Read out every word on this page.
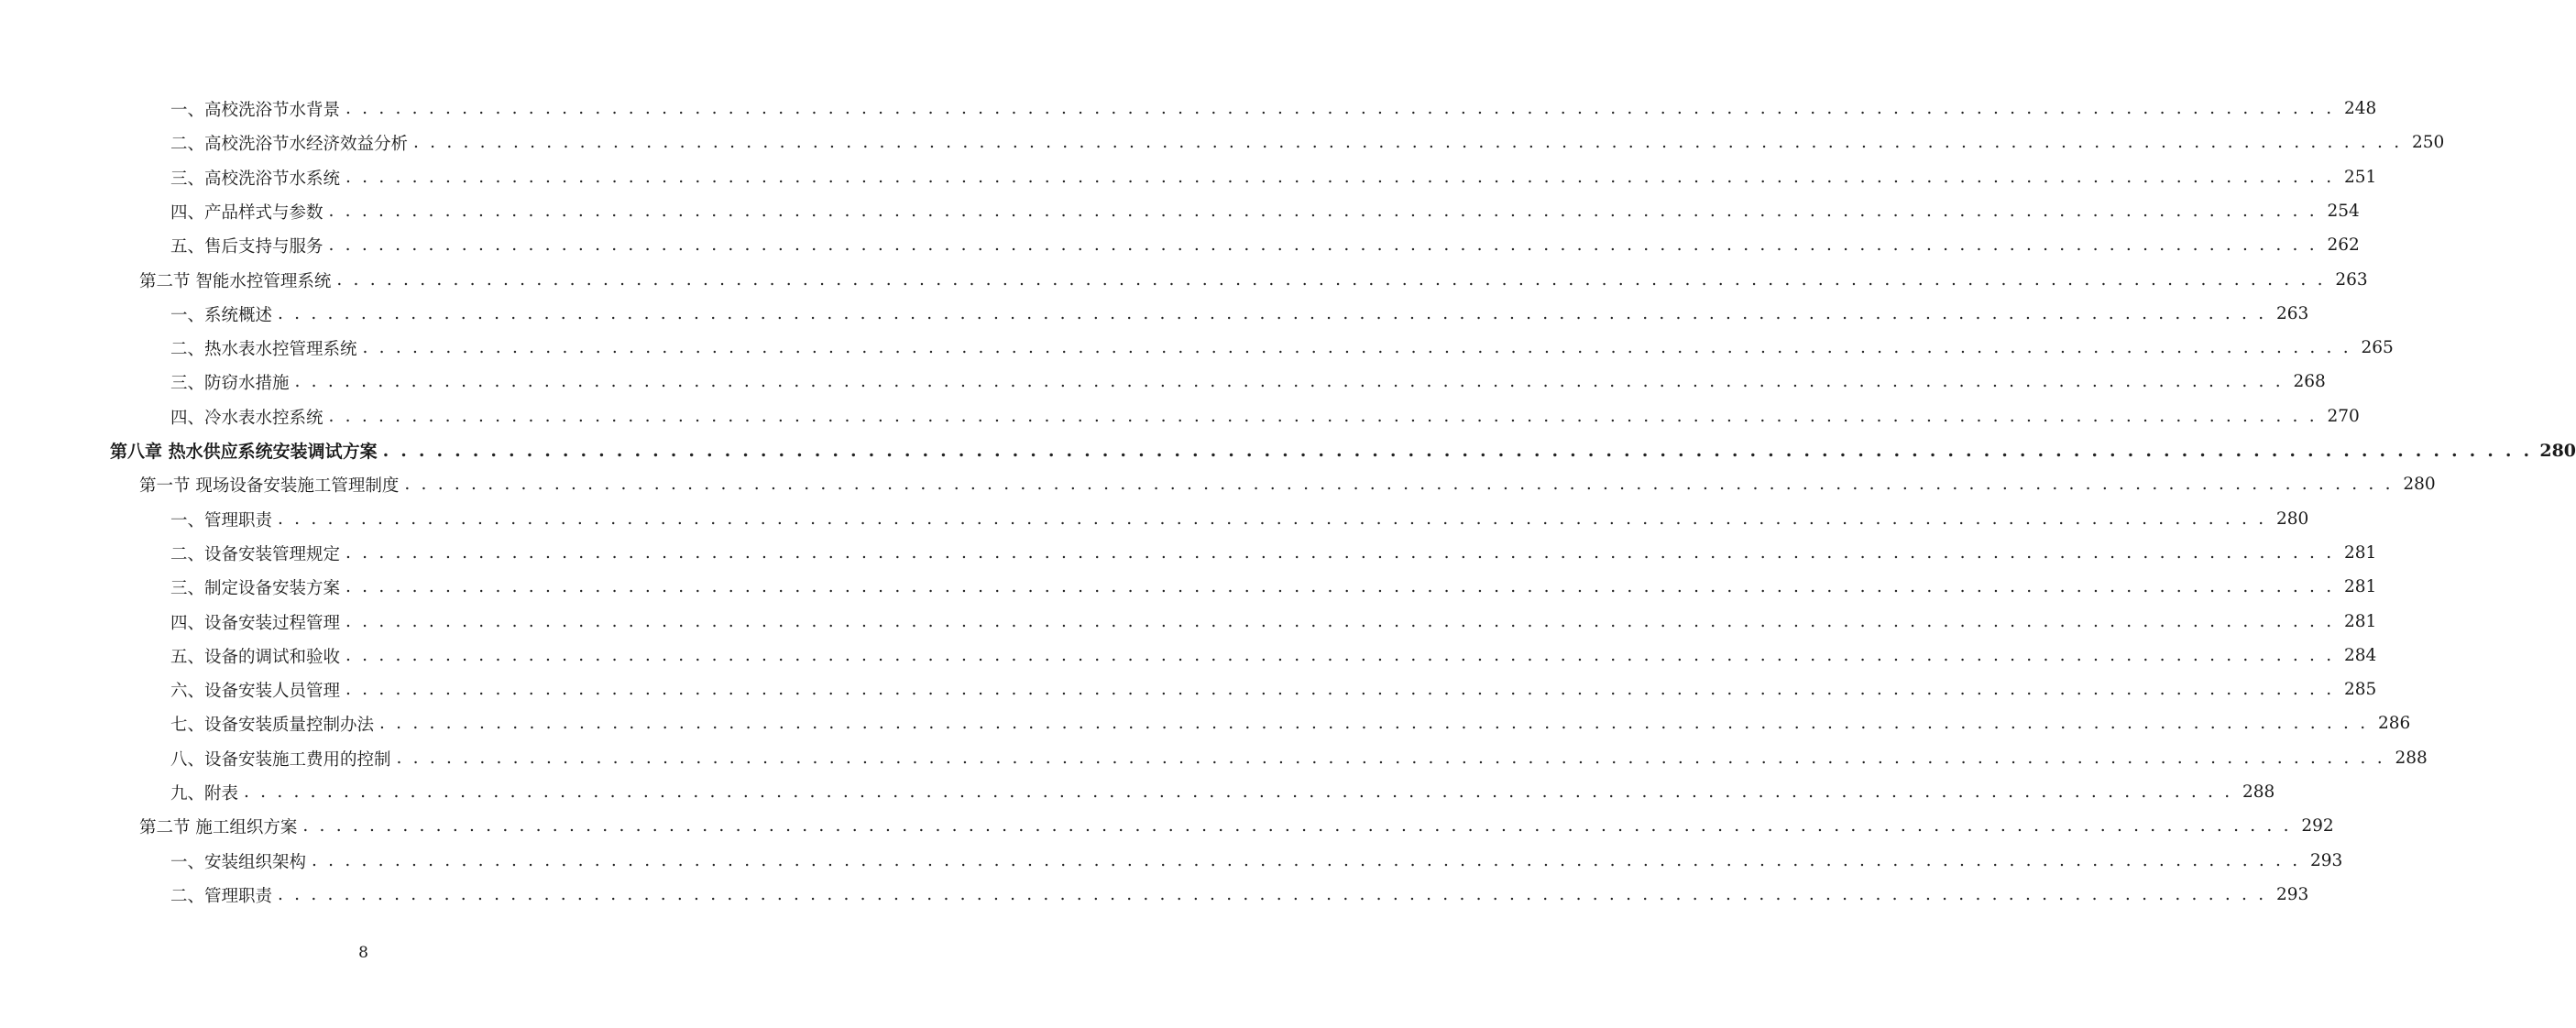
一、高校洗浴节水背景 . . . . . . . . . . . . . . . . . . . . . . . . . . . . . . . . . . . . . . . . . . . . . . . . . . . . . . . . . . . . . . . . . . . . . . . . . . . . . . . . . . . . . . . . . . . . . . . . . . . . . . . . . . . . . . . . . . . . . . . . 248
二、高校洗浴节水经济效益分析 . . . . . . . . . . . . . . . . . . . . . . . . . . . . . . . . . . . . . . . . . . . . . . . . . . . . . . . . . . . . . . . . . . . . . . . . . . . . . . . . . . . . . . . . . . . . . . . . . . . . . . . . . . . . . . . . . . . . . . . . 250
三、高校洗浴节水系统 . . . . . . . . . . . . . . . . . . . . . . . . . . . . . . . . . . . . . . . . . . . . . . . . . . . . . . . . . . . . . . . . . . . . . . . . . . . . . . . . . . . . . . . . . . . . . . . . . . . . . . . . . . . . . . . . . . . . . . . . 251
四、产品样式与参数 . . . . . . . . . . . . . . . . . . . . . . . . . . . . . . . . . . . . . . . . . . . . . . . . . . . . . . . . . . . . . . . . . . . . . . . . . . . . . . . . . . . . . . . . . . . . . . . . . . . . . . . . . . . . . . . . . . . . . . . . 254
五、售后支持与服务 . . . . . . . . . . . . . . . . . . . . . . . . . . . . . . . . . . . . . . . . . . . . . . . . . . . . . . . . . . . . . . . . . . . . . . . . . . . . . . . . . . . . . . . . . . . . . . . . . . . . . . . . . . . . . . . . . . . . . . . . 262
第二节 智能水控管理系统 . . . . . . . . . . . . . . . . . . . . . . . . . . . . . . . . . . . . . . . . . . . . . . . . . . . . . . . . . . . . . . . . . . . . . . . . . . . . . . . . . . . . . . . . . . . . . . . . . . . . . . . . . . . . . . . . . . . . . . . . 263
一、系统概述 . . . . . . . . . . . . . . . . . . . . . . . . . . . . . . . . . . . . . . . . . . . . . . . . . . . . . . . . . . . . . . . . . . . . . . . . . . . . . . . . . . . . . . . . . . . . . . . . . . . . . . . . . . . . . . . . . . . . . . . . 263
二、热水表水控管理系统 . . . . . . . . . . . . . . . . . . . . . . . . . . . . . . . . . . . . . . . . . . . . . . . . . . . . . . . . . . . . . . . . . . . . . . . . . . . . . . . . . . . . . . . . . . . . . . . . . . . . . . . . . . . . . . . . . . . . . . . . 265
三、防窃水措施 . . . . . . . . . . . . . . . . . . . . . . . . . . . . . . . . . . . . . . . . . . . . . . . . . . . . . . . . . . . . . . . . . . . . . . . . . . . . . . . . . . . . . . . . . . . . . . . . . . . . . . . . . . . . . . . . . . . . . . . . 268
四、冷水表水控系统 . . . . . . . . . . . . . . . . . . . . . . . . . . . . . . . . . . . . . . . . . . . . . . . . . . . . . . . . . . . . . . . . . . . . . . . . . . . . . . . . . . . . . . . . . . . . . . . . . . . . . . . . . . . . . . . . . . . . . . . . 270
第八章 热水供应系统安装调试方案 . . . . . . . . . . . . . . . . . . . . . . . . . . . . . . . . . . . . . . . . . . . . . . . . . . . . . . . . . . . . . . . . . . . . . . . . . . . . . . . . . . . . . . . . . . . . . . . . . . . . . . . . . . . . . . . . . . . . . . . . 280
第一节 现场设备安装施工管理制度 . . . . . . . . . . . . . . . . . . . . . . . . . . . . . . . . . . . . . . . . . . . . . . . . . . . . . . . . . . . . . . . . . . . . . . . . . . . . . . . . . . . . . . . . . . . . . . . . . . . . . . . . . . . . . . . . . . . . . . . . 280
一、管理职责 . . . . . . . . . . . . . . . . . . . . . . . . . . . . . . . . . . . . . . . . . . . . . . . . . . . . . . . . . . . . . . . . . . . . . . . . . . . . . . . . . . . . . . . . . . . . . . . . . . . . . . . . . . . . . . . . . . . . . . . . 280
二、设备安装管理规定 . . . . . . . . . . . . . . . . . . . . . . . . . . . . . . . . . . . . . . . . . . . . . . . . . . . . . . . . . . . . . . . . . . . . . . . . . . . . . . . . . . . . . . . . . . . . . . . . . . . . . . . . . . . . . . . . . . . . . . . . 281
三、制定设备安装方案 . . . . . . . . . . . . . . . . . . . . . . . . . . . . . . . . . . . . . . . . . . . . . . . . . . . . . . . . . . . . . . . . . . . . . . . . . . . . . . . . . . . . . . . . . . . . . . . . . . . . . . . . . . . . . . . . . . . . . . . . 281
四、设备安装过程管理 . . . . . . . . . . . . . . . . . . . . . . . . . . . . . . . . . . . . . . . . . . . . . . . . . . . . . . . . . . . . . . . . . . . . . . . . . . . . . . . . . . . . . . . . . . . . . . . . . . . . . . . . . . . . . . . . . . . . . . . . 281
五、设备的调试和验收 . . . . . . . . . . . . . . . . . . . . . . . . . . . . . . . . . . . . . . . . . . . . . . . . . . . . . . . . . . . . . . . . . . . . . . . . . . . . . . . . . . . . . . . . . . . . . . . . . . . . . . . . . . . . . . . . . . . . . . . . 284
六、设备安装人员管理 . . . . . . . . . . . . . . . . . . . . . . . . . . . . . . . . . . . . . . . . . . . . . . . . . . . . . . . . . . . . . . . . . . . . . . . . . . . . . . . . . . . . . . . . . . . . . . . . . . . . . . . . . . . . . . . . . . . . . . . . 285
七、设备安装质量控制办法 . . . . . . . . . . . . . . . . . . . . . . . . . . . . . . . . . . . . . . . . . . . . . . . . . . . . . . . . . . . . . . . . . . . . . . . . . . . . . . . . . . . . . . . . . . . . . . . . . . . . . . . . . . . . . . . . . . . . . . . . 286
八、设备安装施工费用的控制 . . . . . . . . . . . . . . . . . . . . . . . . . . . . . . . . . . . . . . . . . . . . . . . . . . . . . . . . . . . . . . . . . . . . . . . . . . . . . . . . . . . . . . . . . . . . . . . . . . . . . . . . . . . . . . . . . . . . . . . . 288
九、附表 . . . . . . . . . . . . . . . . . . . . . . . . . . . . . . . . . . . . . . . . . . . . . . . . . . . . . . . . . . . . . . . . . . . . . . . . . . . . . . . . . . . . . . . . . . . . . . . . . . . . . . . . . . . . . . . . . . . . . . . . 288
第二节 施工组织方案 . . . . . . . . . . . . . . . . . . . . . . . . . . . . . . . . . . . . . . . . . . . . . . . . . . . . . . . . . . . . . . . . . . . . . . . . . . . . . . . . . . . . . . . . . . . . . . . . . . . . . . . . . . . . . . . . . . . . . . . . 292
一、安装组织架构 . . . . . . . . . . . . . . . . . . . . . . . . . . . . . . . . . . . . . . . . . . . . . . . . . . . . . . . . . . . . . . . . . . . . . . . . . . . . . . . . . . . . . . . . . . . . . . . . . . . . . . . . . . . . . . . . . . . . . . . . 293
二、管理职责 . . . . . . . . . . . . . . . . . . . . . . . . . . . . . . . . . . . . . . . . . . . . . . . . . . . . . . . . . . . . . . . . . . . . . . . . . . . . . . . . . . . . . . . . . . . . . . . . . . . . . . . . . . . . . . . . . . . . . . . . 293
8
